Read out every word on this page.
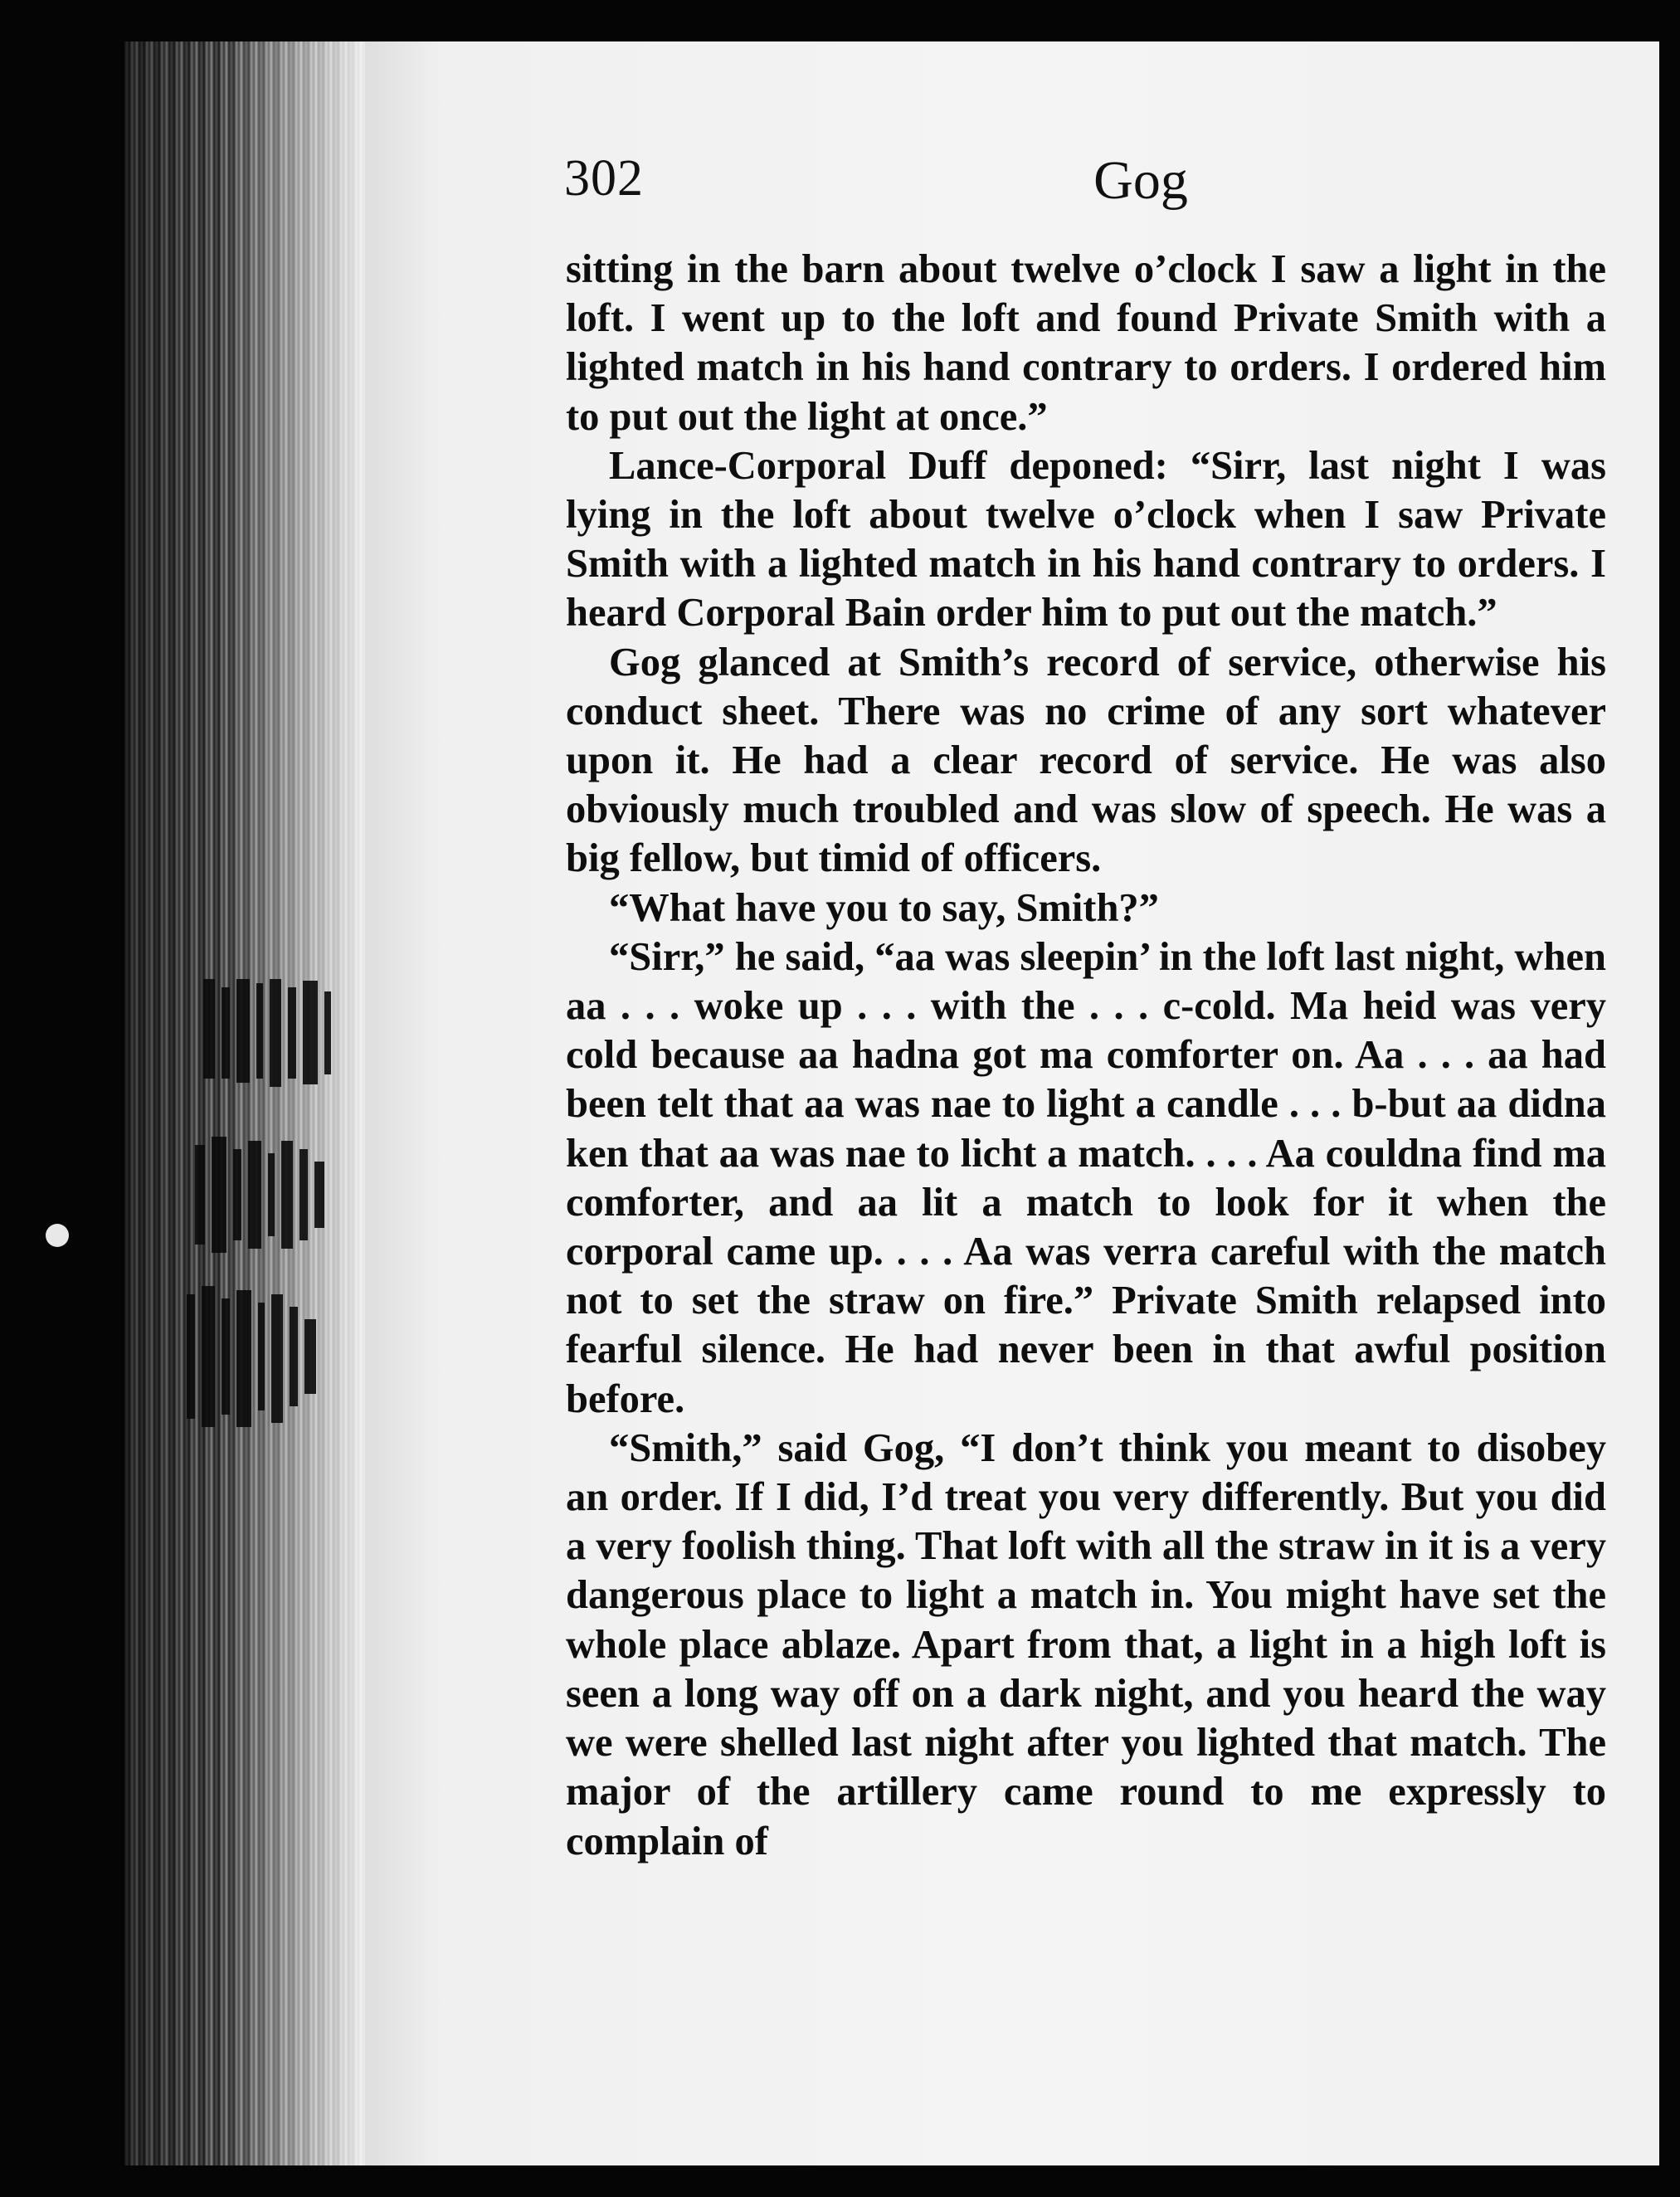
302	Gog

sitting in the barn about twelve o’clock I saw a light in the loft. I went up to the loft and found Private Smith with a lighted match in his hand contrary to orders. I ordered him to put out the light at once.”

Lance-Corporal Duff deponed: “Sirr, last night I was lying in the loft about twelve o’clock when I saw Private Smith with a lighted match in his hand contrary to orders. I heard Corporal Bain order him to put out the match.”

Gog glanced at Smith’s record of service, otherwise his conduct sheet. There was no crime of any sort whatever upon it. He had a clear record of service. He was also obviously much troubled and was slow of speech. He was a big fellow, but timid of officers.

“What have you to say, Smith?”

“Sirr,” he said, “aa was sleepin’ in the loft last night, when aa . . . woke up . . . with the . . . c-cold. Ma heid was very cold because aa hadna got ma comforter on. Aa . . . aa had been telt that aa was nae to light a candle . . . b-but aa didna ken that aa was nae to licht a match. . . . Aa couldna find ma comforter, and aa lit a match to look for it when the corporal came up. . . . Aa was verra careful with the match not to set the straw on fire.” Private Smith relapsed into fearful silence. He had never been in that awful position before.

“Smith,” said Gog, “I don’t think you meant to disobey an order. If I did, I’d treat you very differently. But you did a very foolish thing. That loft with all the straw in it is a very dangerous place to light a match in. You might have set the whole place ablaze. Apart from that, a light in a high loft is seen a long way off on a dark night, and you heard the way we were shelled last night after you lighted that match. The major of the artillery came round to me expressly to complain of
